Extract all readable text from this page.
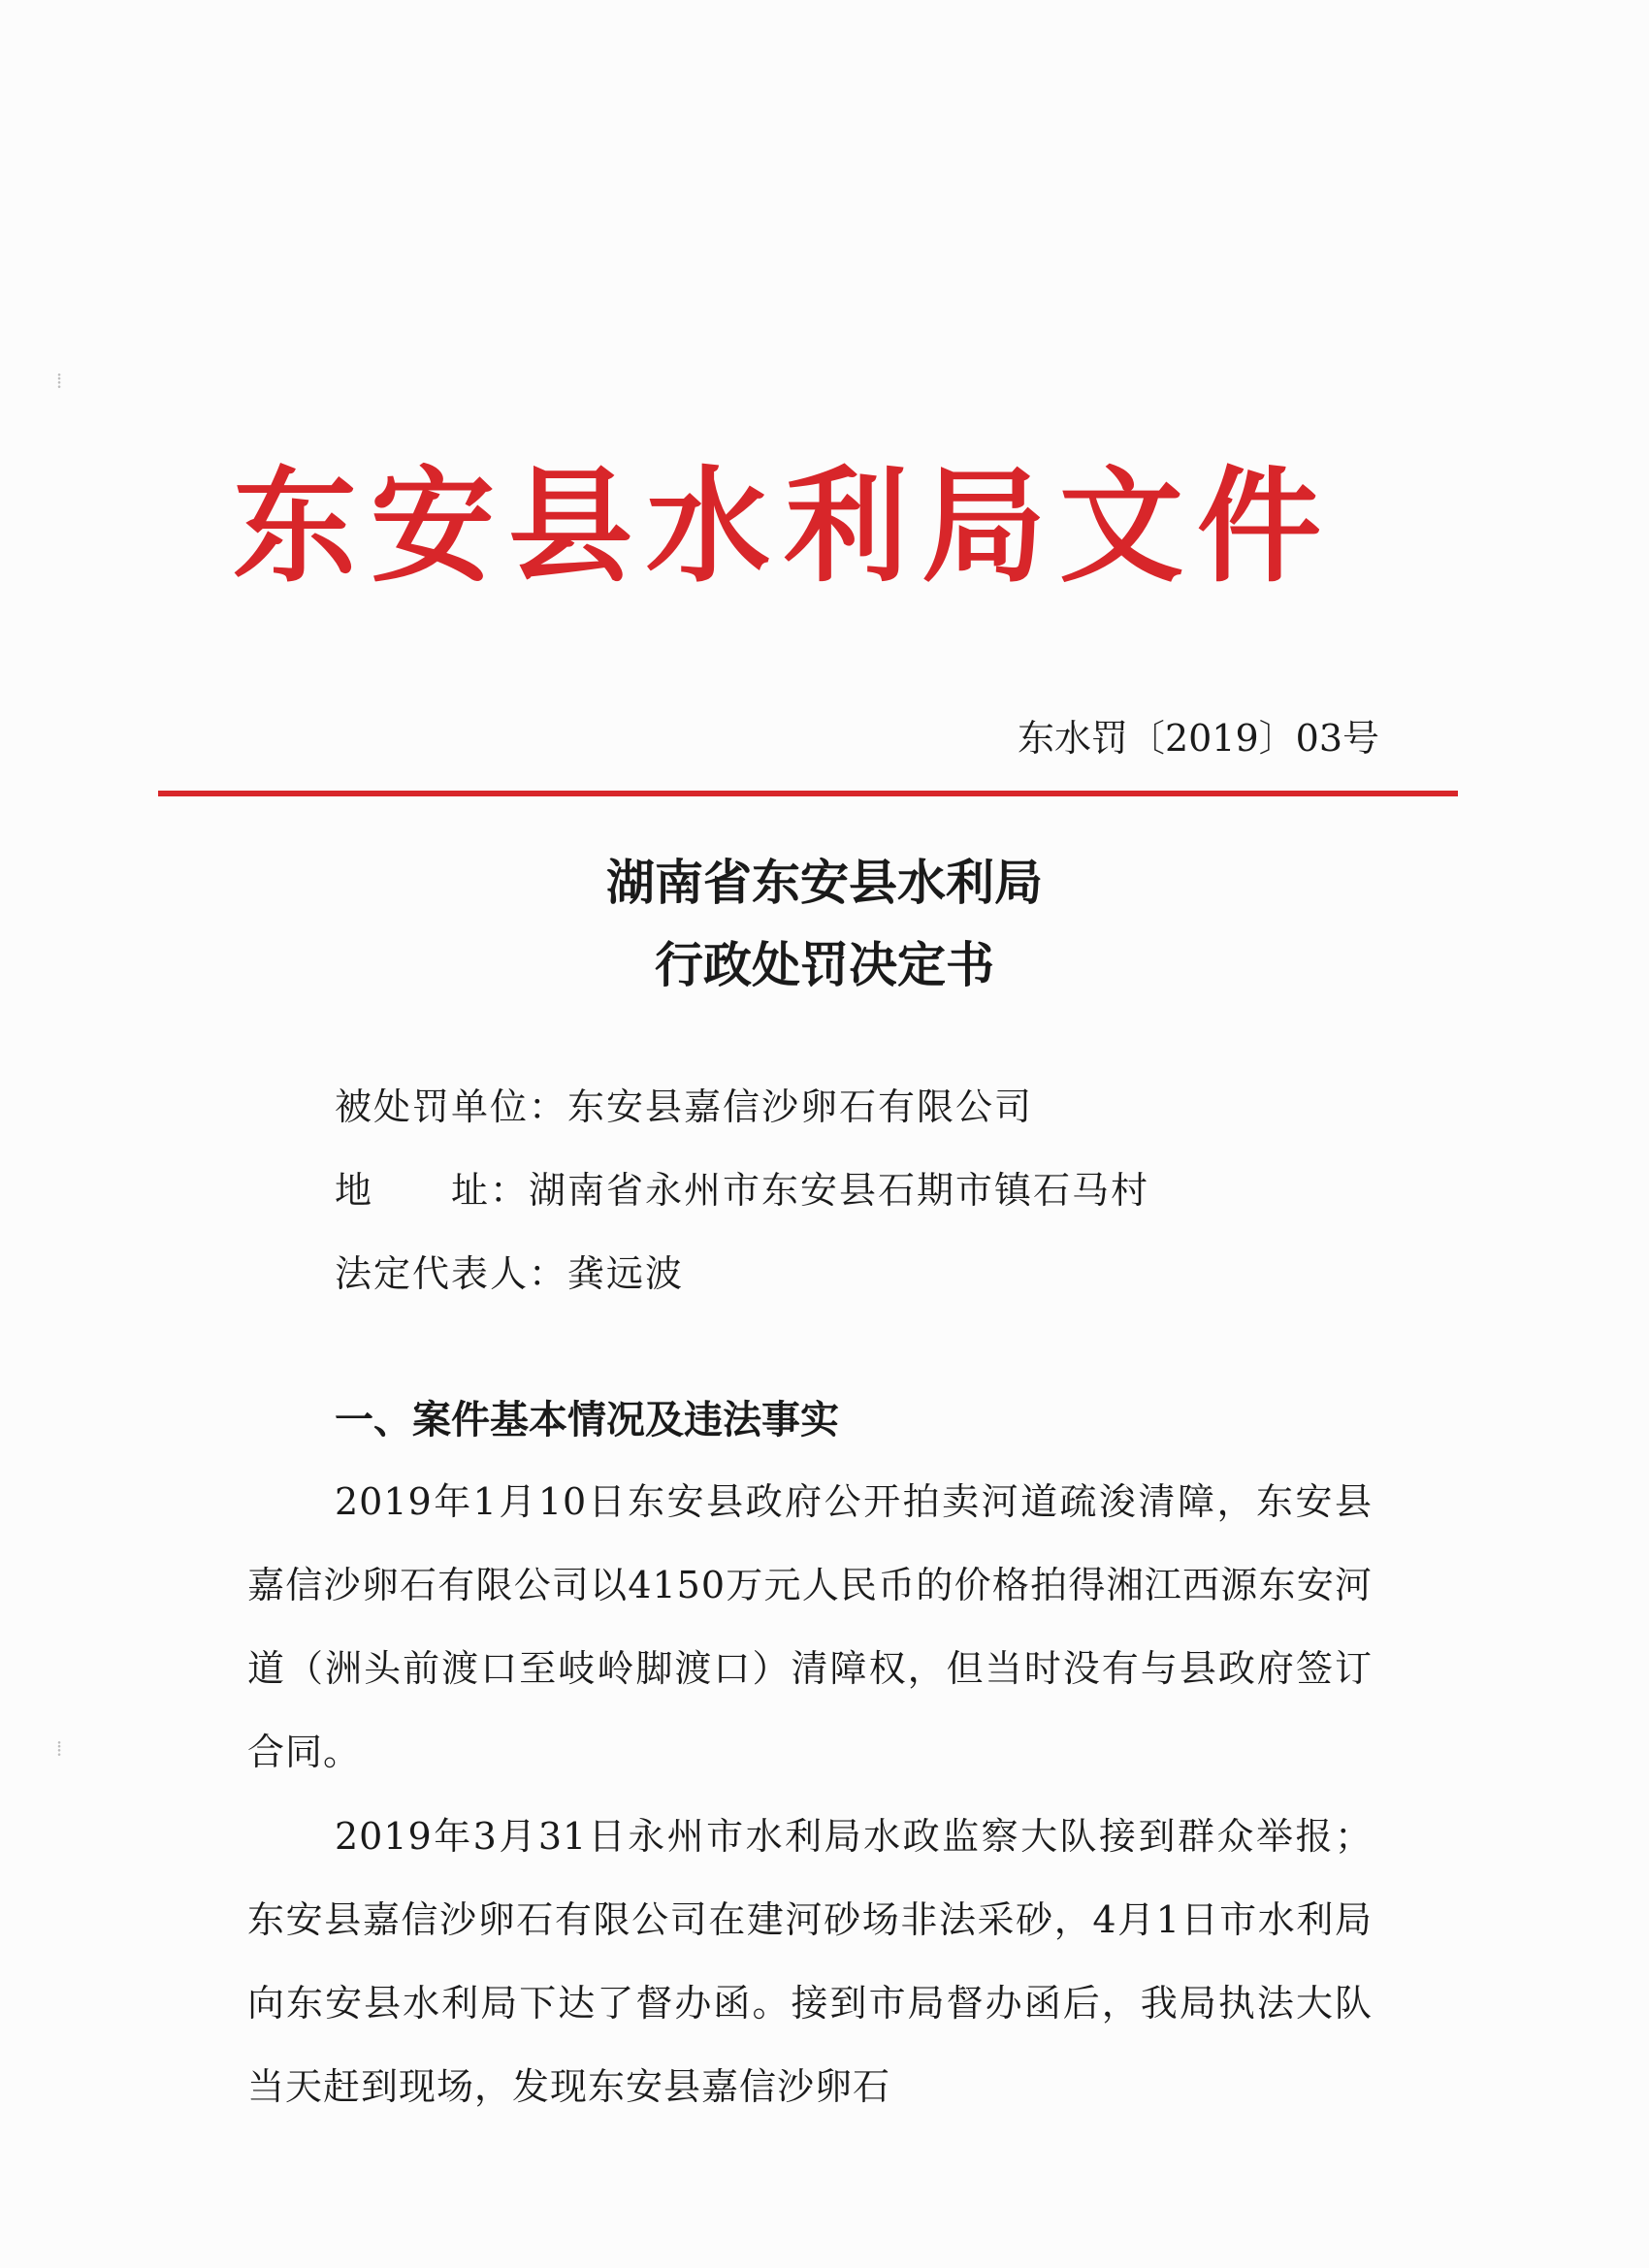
⁞
⁞
东安县水利局文件
东水罚〔2019〕03号
湖南省东安县水利局
行政处罚决定书
被处罚单位：东安县嘉信沙卵石有限公司
地　　址：湖南省永州市东安县石期市镇石马村
法定代表人：龚远波
一、案件基本情况及违法事实
2019年1月10日东安县政府公开拍卖河道疏浚清障，东安县嘉信沙卵石有限公司以4150万元人民币的价格拍得湘江西源东安河道（洲头前渡口至岐岭脚渡口）清障权，但当时没有与县政府签订合同。
2019年3月31日永州市水利局水政监察大队接到群众举报；东安县嘉信沙卵石有限公司在建河砂场非法采砂，4月1日市水利局向东安县水利局下达了督办函。接到市局督办函后，我局执法大队当天赶到现场，发现东安县嘉信沙卵石
